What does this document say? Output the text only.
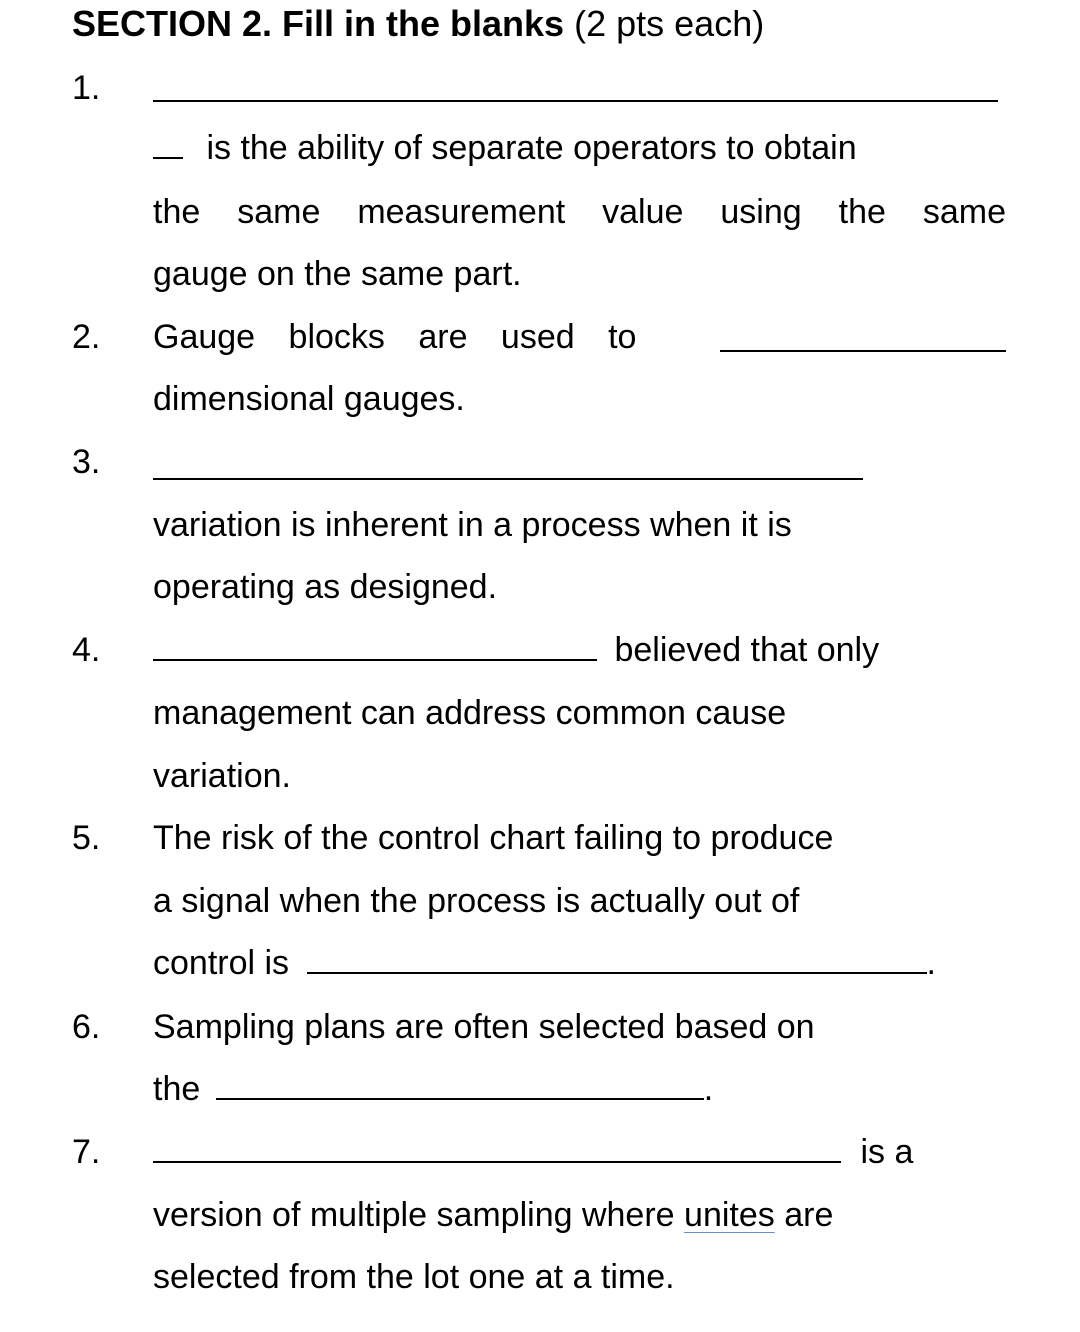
SECTION 2. Fill in the blanks (2 pts each)
1.
is the ability of separate operators to obtain
the same measurement value using the same
gauge on the same part.
2. Gauge blocks are used to
dimensional gauges.
3.
variation is inherent in a process when it is
operating as designed.
4.	believed that only
management can address common cause
variation.
5. The risk of the control chart failing to produce
a signal when the process is actually out of
control is	.
6. Sampling plans are often selected based on
the	.
7.	is a
version of multiple sampling where unites are
selected from the lot one at a time.
